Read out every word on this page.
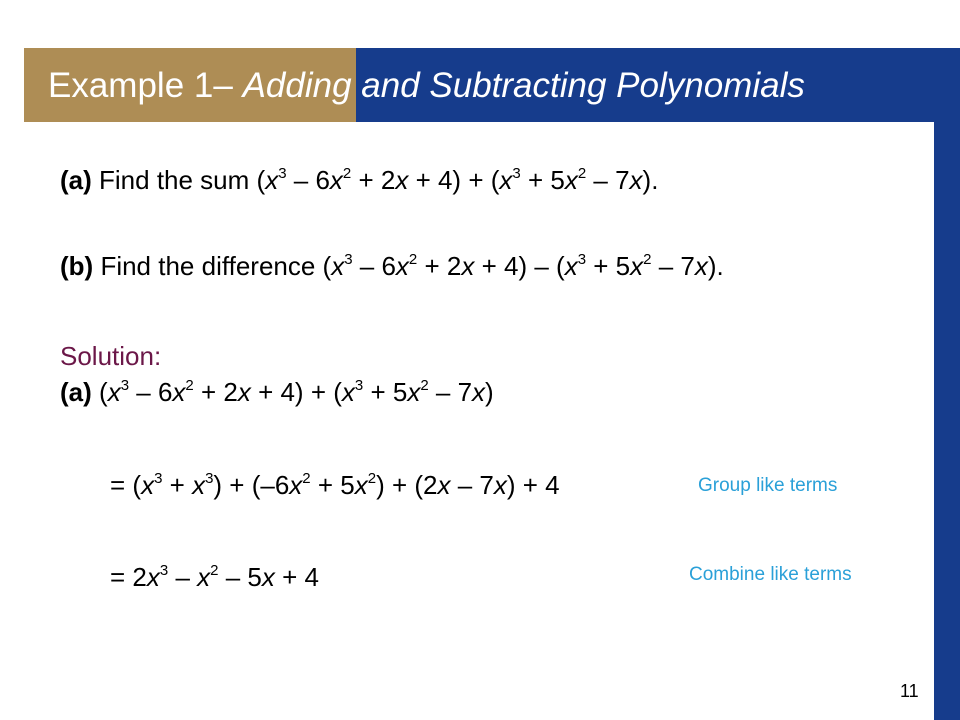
Example 1– Adding and Subtracting Polynomials
(a) Find the sum $(x^3 - 6x^2 + 2x + 4) + (x^3 + 5x^2 - 7x)$.
(b) Find the difference $(x^3 - 6x^2 + 2x + 4) - (x^3 + 5x^2 - 7x)$.
Solution:
(a) $(x^3 - 6x^2 + 2x + 4) + (x^3 + 5x^2 - 7x)$
= $(x^3 + x^3) + (-6x^2 + 5x^2) + (2x - 7x) + 4$
= $2x^3 - x^2 - 5x + 4$
Group like terms
Combine like terms
11
